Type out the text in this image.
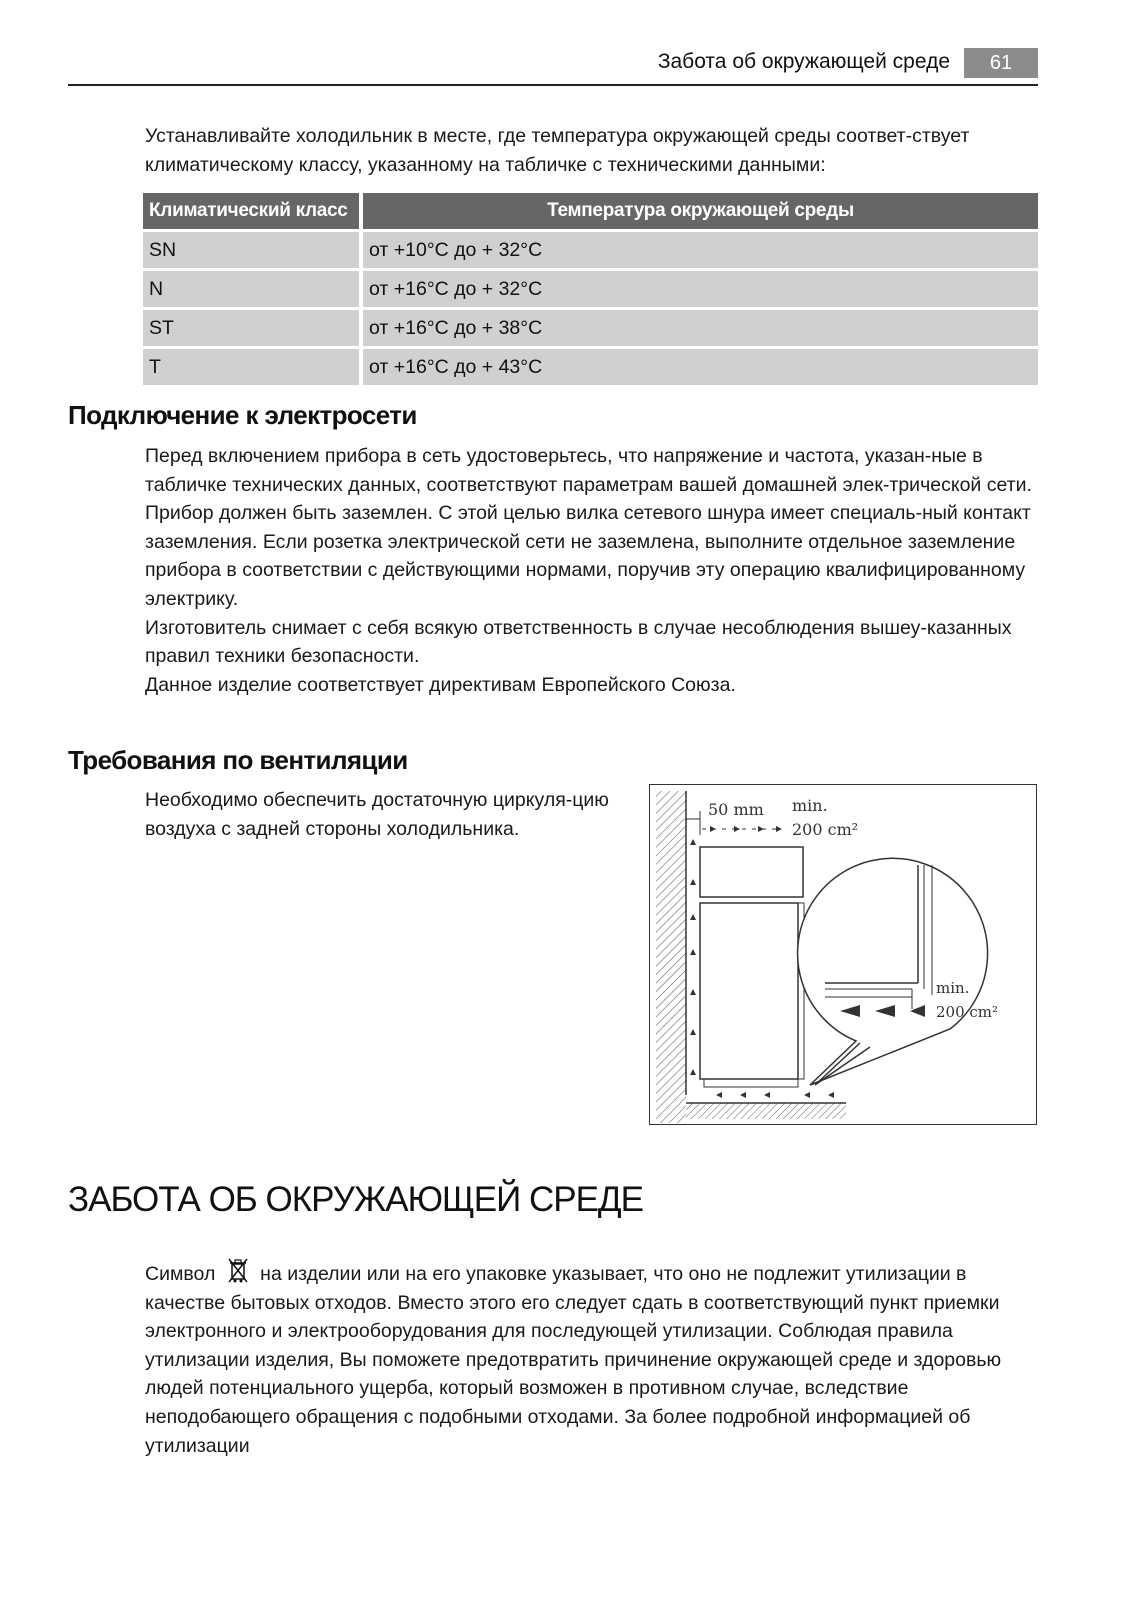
Забота об окружающей среде	61

Устанавливайте холодильник в месте, где температура окружающей среды соответ-ствует климатическому классу, указанному на табличке с техническими данными:

Климатический класс	Температура окружающей среды
SN	от +10°C до + 32°C
N	от +16°C до + 32°C
ST	от +16°C до + 38°C
T	от +16°C до + 43°C
Подключение к электросети

Перед включением прибора в сеть удостоверьтесь, что напряжение и частота, указан-ные в табличке технических данных, соответствуют параметрам вашей домашней элек-трической сети.

Прибор должен быть заземлен. С этой целью вилка сетевого шнура имеет специаль-ный контакт заземления. Если розетка электрической сети не заземлена, выполните отдельное заземление прибора в соответствии с действующими нормами, поручив эту операцию квалифицированному электрику.

Изготовитель снимает с себя всякую ответственность в случае несоблюдения вышеу-казанных правил техники безопасности.

Данное изделие соответствует директивам Европейского Союза.

Требования по вентиляции

Необходимо обеспечить достаточную циркуля-цию воздуха с задней стороны холодильника.

50 mm min.
200 cm²
min.
200 cm²
ЗАБОТА ОБ ОКРУЖАЮЩЕЙ СРЕДЕ

Символ на изделии или на его упаковке указывает, что оно не подлежит утилизации в качестве бытовых отходов. Вместо этого его следует сдать в соответствующий пункт приемки электронного и электрооборудования для последующей утилизации. Соблюдая правила утилизации изделия, Вы поможете предотвратить причинение окружающей среде и здоровью людей потенциального ущерба, который возможен в противном случае, вследствие неподобающего обращения с подобными отходами. За более подробной информацией об утилизации
